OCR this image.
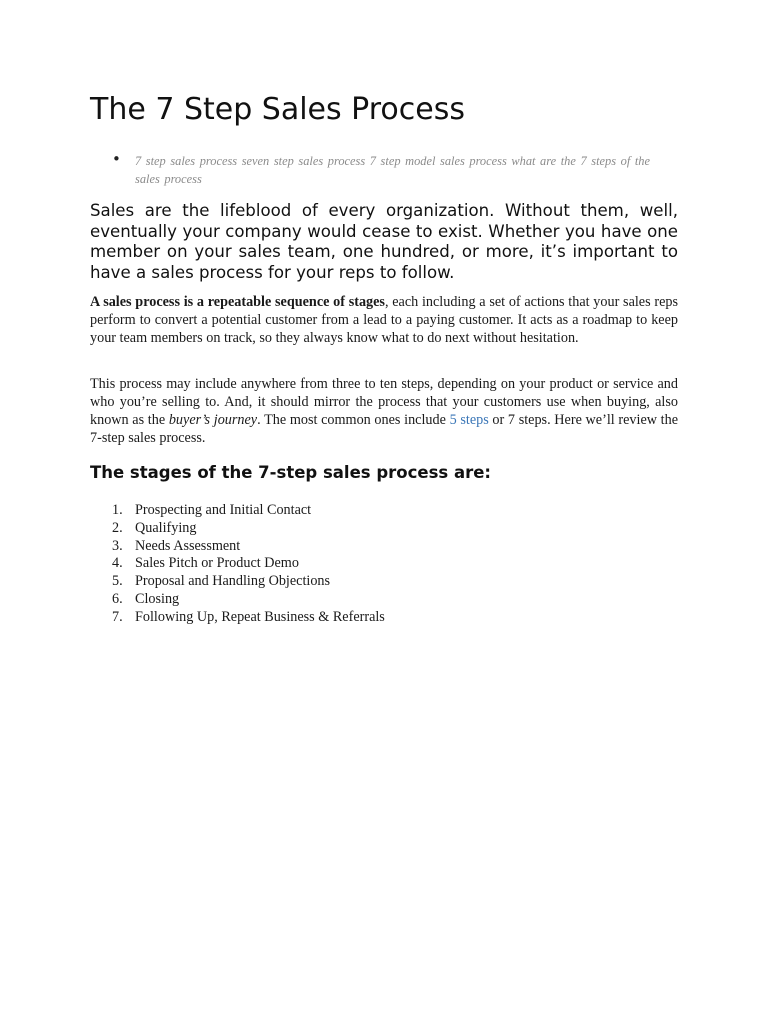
The 7 Step Sales Process
• 7 step sales process seven step sales process 7 step model sales process what are the 7 steps of the sales process

Sales are the lifeblood of every organization. Without them, well, eventually your company would cease to exist. Whether you have one member on your sales team, one hundred, or more, it’s important to have a sales process for your reps to follow.

A sales process is a repeatable sequence of stages, each including a set of actions that your sales reps perform to convert a potential customer from a lead to a paying customer. It acts as a roadmap to keep your team members on track, so they always know what to do next without hesitation.

This process may include anywhere from three to ten steps, depending on your product or service and who you’re selling to. And, it should mirror the process that your customers use when buying, also known as the buyer’s journey. The most common ones include 5 steps or 7 steps. Here we’ll review the 7-step sales process.

The stages of the 7-step sales process are:
1. Prospecting and Initial Contact
2. Qualifying
3. Needs Assessment
4. Sales Pitch or Product Demo
5. Proposal and Handling Objections
6. Closing
7. Following Up, Repeat Business & Referrals
